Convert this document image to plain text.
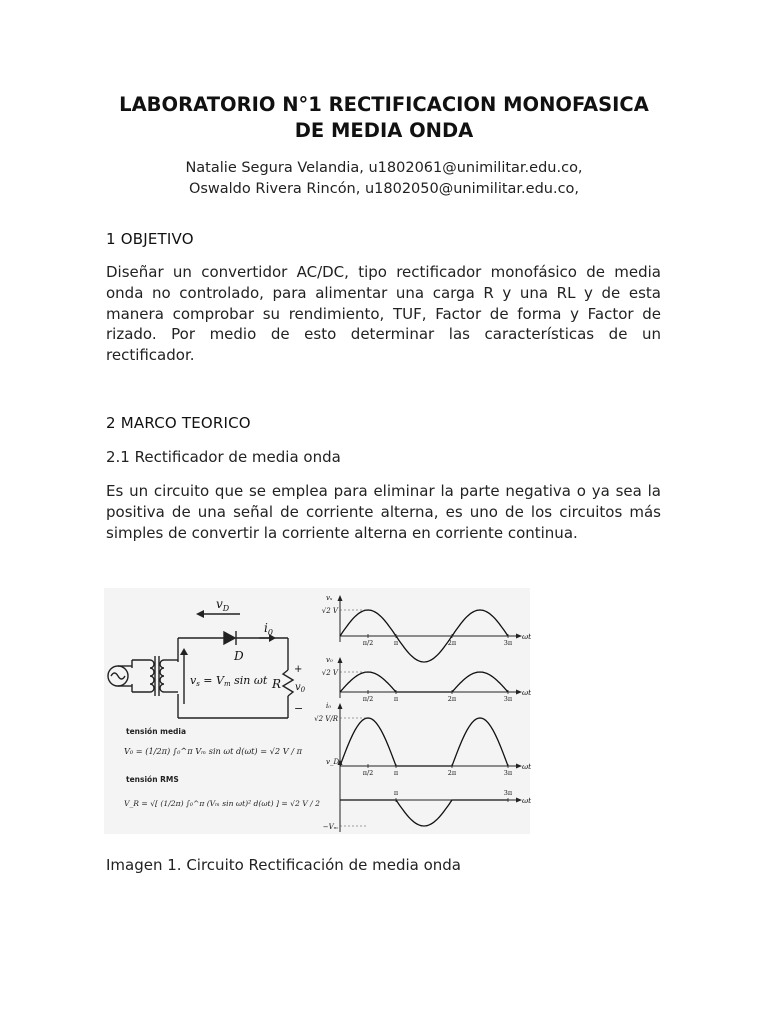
LABORATORIO N°1 RECTIFICACION MONOFASICA
DE MEDIA ONDA
Natalie Segura Velandia, u1802061@unimilitar.edu.co,
Oswaldo Rivera Rincón, u1802050@unimilitar.edu.co,
1 OBJETIVO
Diseñar un convertidor AC/DC, tipo rectificador monofásico de media onda no controlado, para alimentar una carga R y una RL y de esta manera comprobar su rendimiento, TUF, Factor de forma y Factor de rizado. Por medio de esto determinar las características de un rectificador.
2 MARCO TEORICO
2.1 Rectificador de media onda
Es un circuito que se emplea para eliminar la parte negativa o ya sea la positiva de una señal de corriente alterna, es uno de los circuitos más simples de convertir la corriente alterna en corriente continua.
$v_D$
$i_0$
D
vs = Vm sin ωt R
+
$v_0$
−
tensión media
V₀ = (1/2π) ∫₀^π Vₘ sin ωt d(ωt) = √2 V / π
tensión RMS
V_R = √[ (1/2π) ∫₀^π (Vₘ sin ωt)² d(ωt) ] = √2 V / 2
vₛ
√2 V
ωt
π/2	π	2π	3π
v₀
√2 V
ωt
π/2	π	2π	3π
i₀
√2 V/R
ωt
π/2	π	2π	3π
v_D
−Vₘ
ωt
π	3π
Imagen 1. Circuito Rectificación de media onda
